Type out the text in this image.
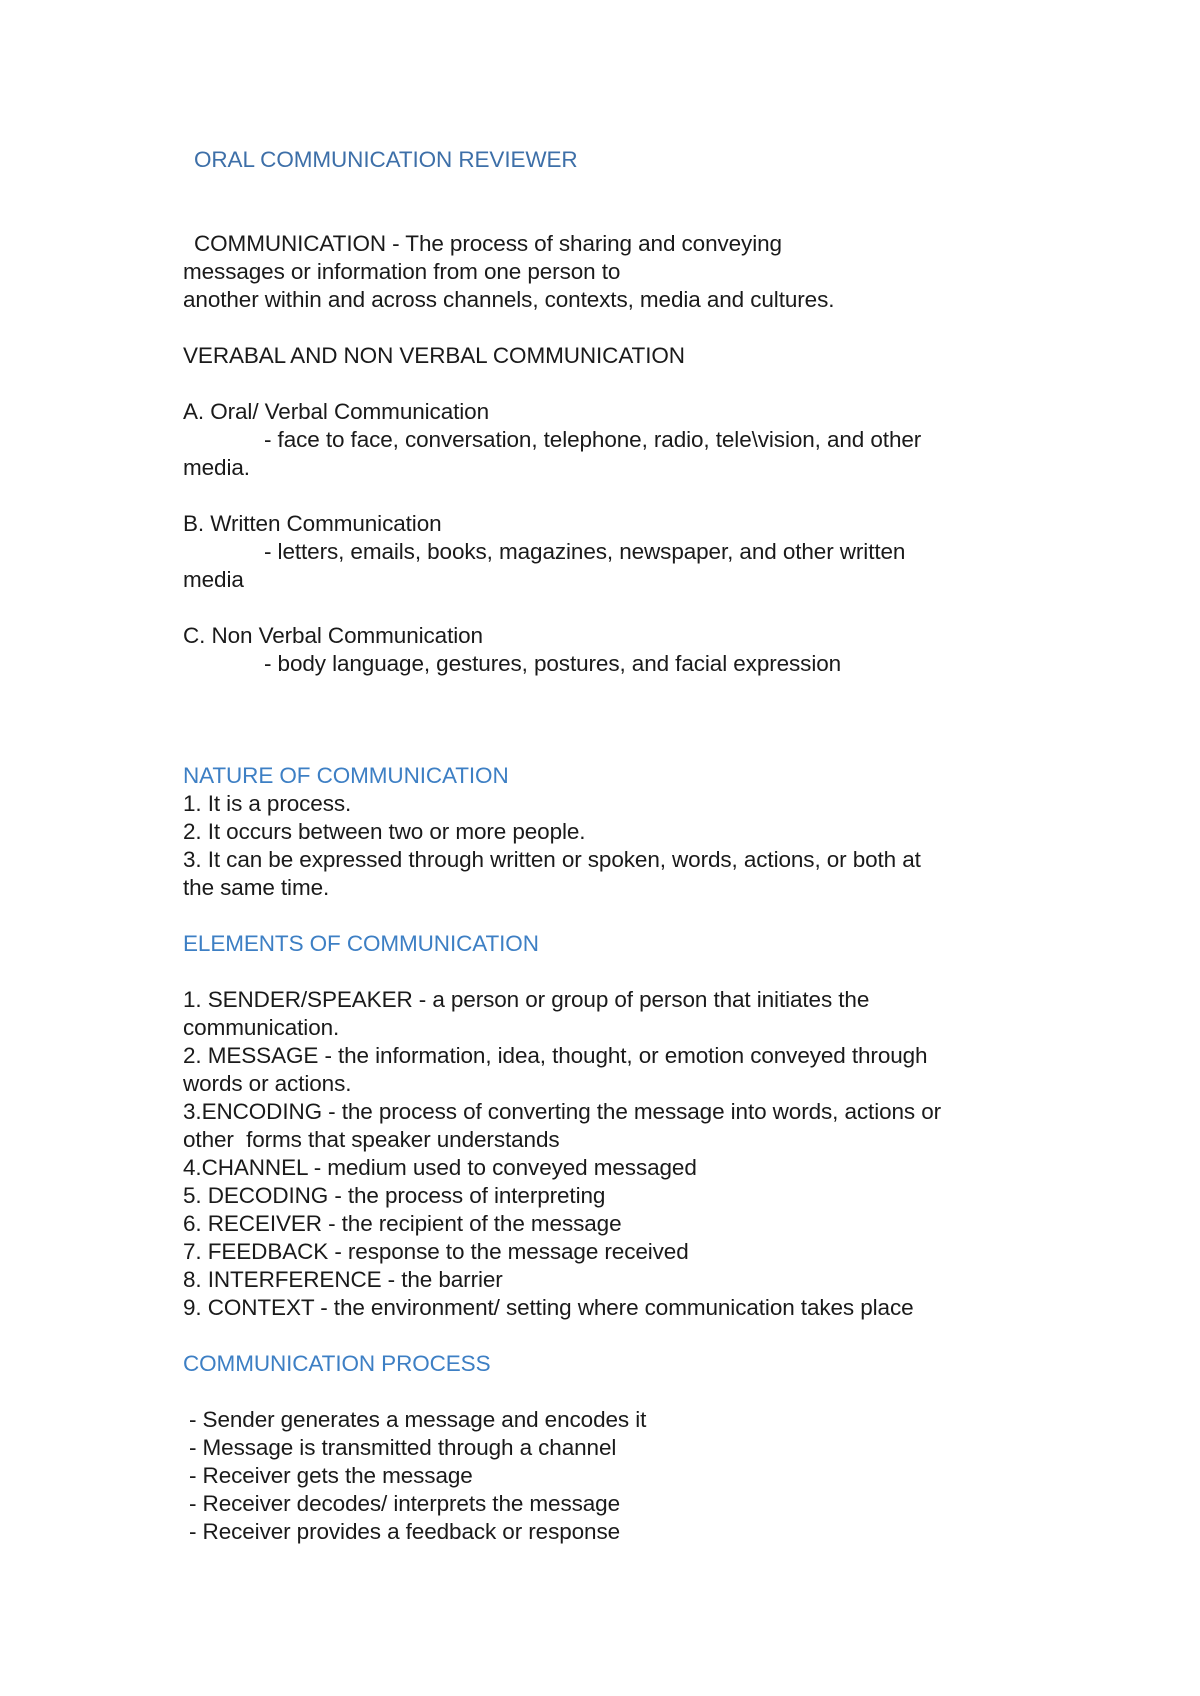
ORAL COMMUNICATION REVIEWER
COMMUNICATION - The process of sharing and conveying
messages or information from one person to
another within and across channels, contexts, media and cultures.
VERABAL AND NON VERBAL COMMUNICATION
A. Oral/ Verbal Communication
- face to face, conversation, telephone, radio, tele\vision, and other
media.
B. Written Communication
- letters, emails, books, magazines, newspaper, and other written
media
C. Non Verbal Communication
- body language, gestures, postures, and facial expression
NATURE OF COMMUNICATION
1. It is a process.
2. It occurs between two or more people.
3. It can be expressed through written or spoken, words, actions, or both at
the same time.
ELEMENTS OF COMMUNICATION
1. SENDER/SPEAKER - a person or group of person that initiates the
communication.
2. MESSAGE - the information, idea, thought, or emotion conveyed through
words or actions.
3.ENCODING - the process of converting the message into words, actions or
other  forms that speaker understands
4.CHANNEL - medium used to conveyed messaged
5. DECODING - the process of interpreting
6. RECEIVER - the recipient of the message
7. FEEDBACK - response to the message received
8. INTERFERENCE - the barrier
9. CONTEXT - the environment/ setting where communication takes place
COMMUNICATION PROCESS
- Sender generates a message and encodes it
- Message is transmitted through a channel
- Receiver gets the message
- Receiver decodes/ interprets the message
- Receiver provides a feedback or response
